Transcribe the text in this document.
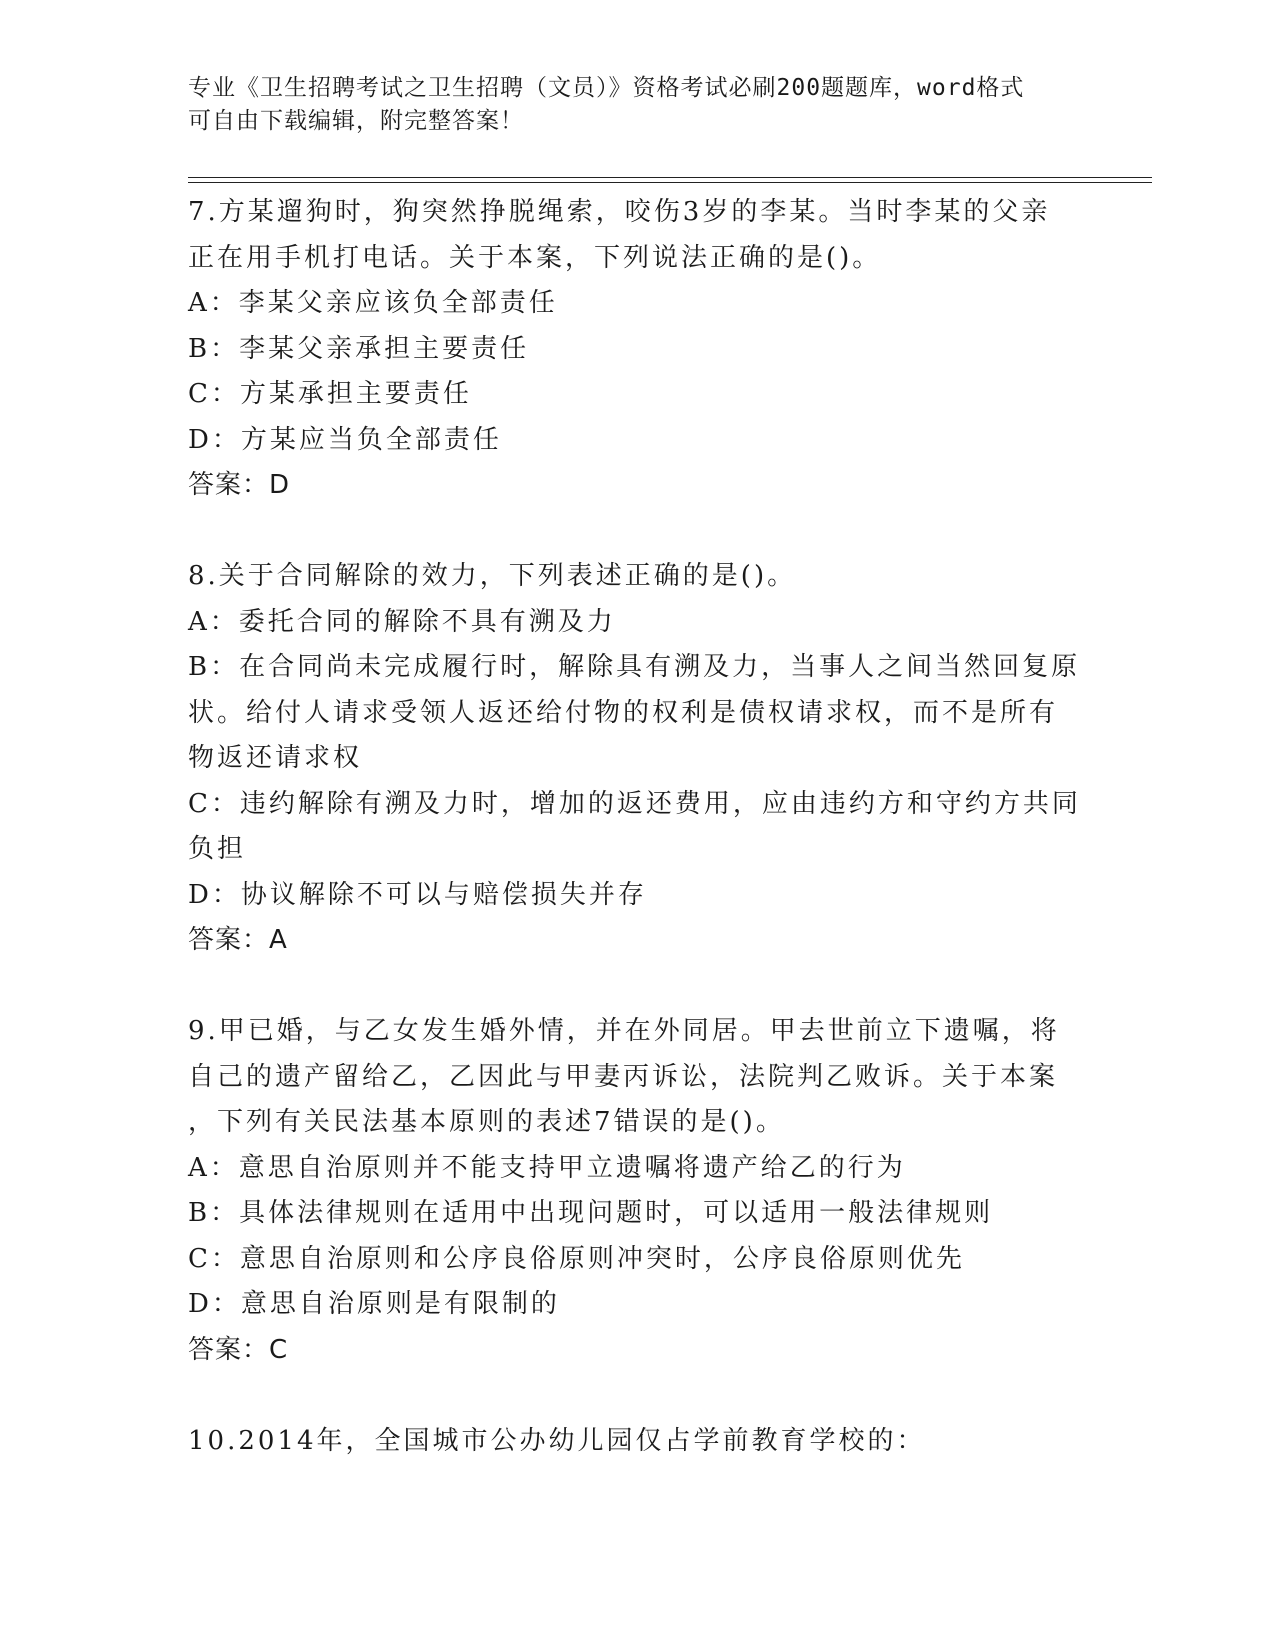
专业《卫生招聘考试之卫生招聘（文员）》资格考试必刷200题题库，word格式
可自由下载编辑，附完整答案！
7.方某遛狗时，狗突然挣脱绳索，咬伤3岁的李某。当时李某的父亲
正在用手机打电话。关于本案，下列说法正确的是()。
A：李某父亲应该负全部责任
B：李某父亲承担主要责任
C：方某承担主要责任
D：方某应当负全部责任
答案：D
8.关于合同解除的效力，下列表述正确的是()。
A：委托合同的解除不具有溯及力
B：在合同尚未完成履行时，解除具有溯及力，当事人之间当然回复原
状。给付人请求受领人返还给付物的权利是债权请求权，而不是所有
物返还请求权
C：违约解除有溯及力时，增加的返还费用，应由违约方和守约方共同
负担
D：协议解除不可以与赔偿损失并存
答案：A
9.甲已婚，与乙女发生婚外情，并在外同居。甲去世前立下遗嘱，将
自己的遗产留给乙，乙因此与甲妻丙诉讼，法院判乙败诉。关于本案
，下列有关民法基本原则的表述7错误的是()。
A：意思自治原则并不能支持甲立遗嘱将遗产给乙的行为
B：具体法律规则在适用中出现问题时，可以适用一般法律规则
C：意思自治原则和公序良俗原则冲突时，公序良俗原则优先
D：意思自治原则是有限制的
答案：C
10.2014年，全国城市公办幼儿园仅占学前教育学校的：
